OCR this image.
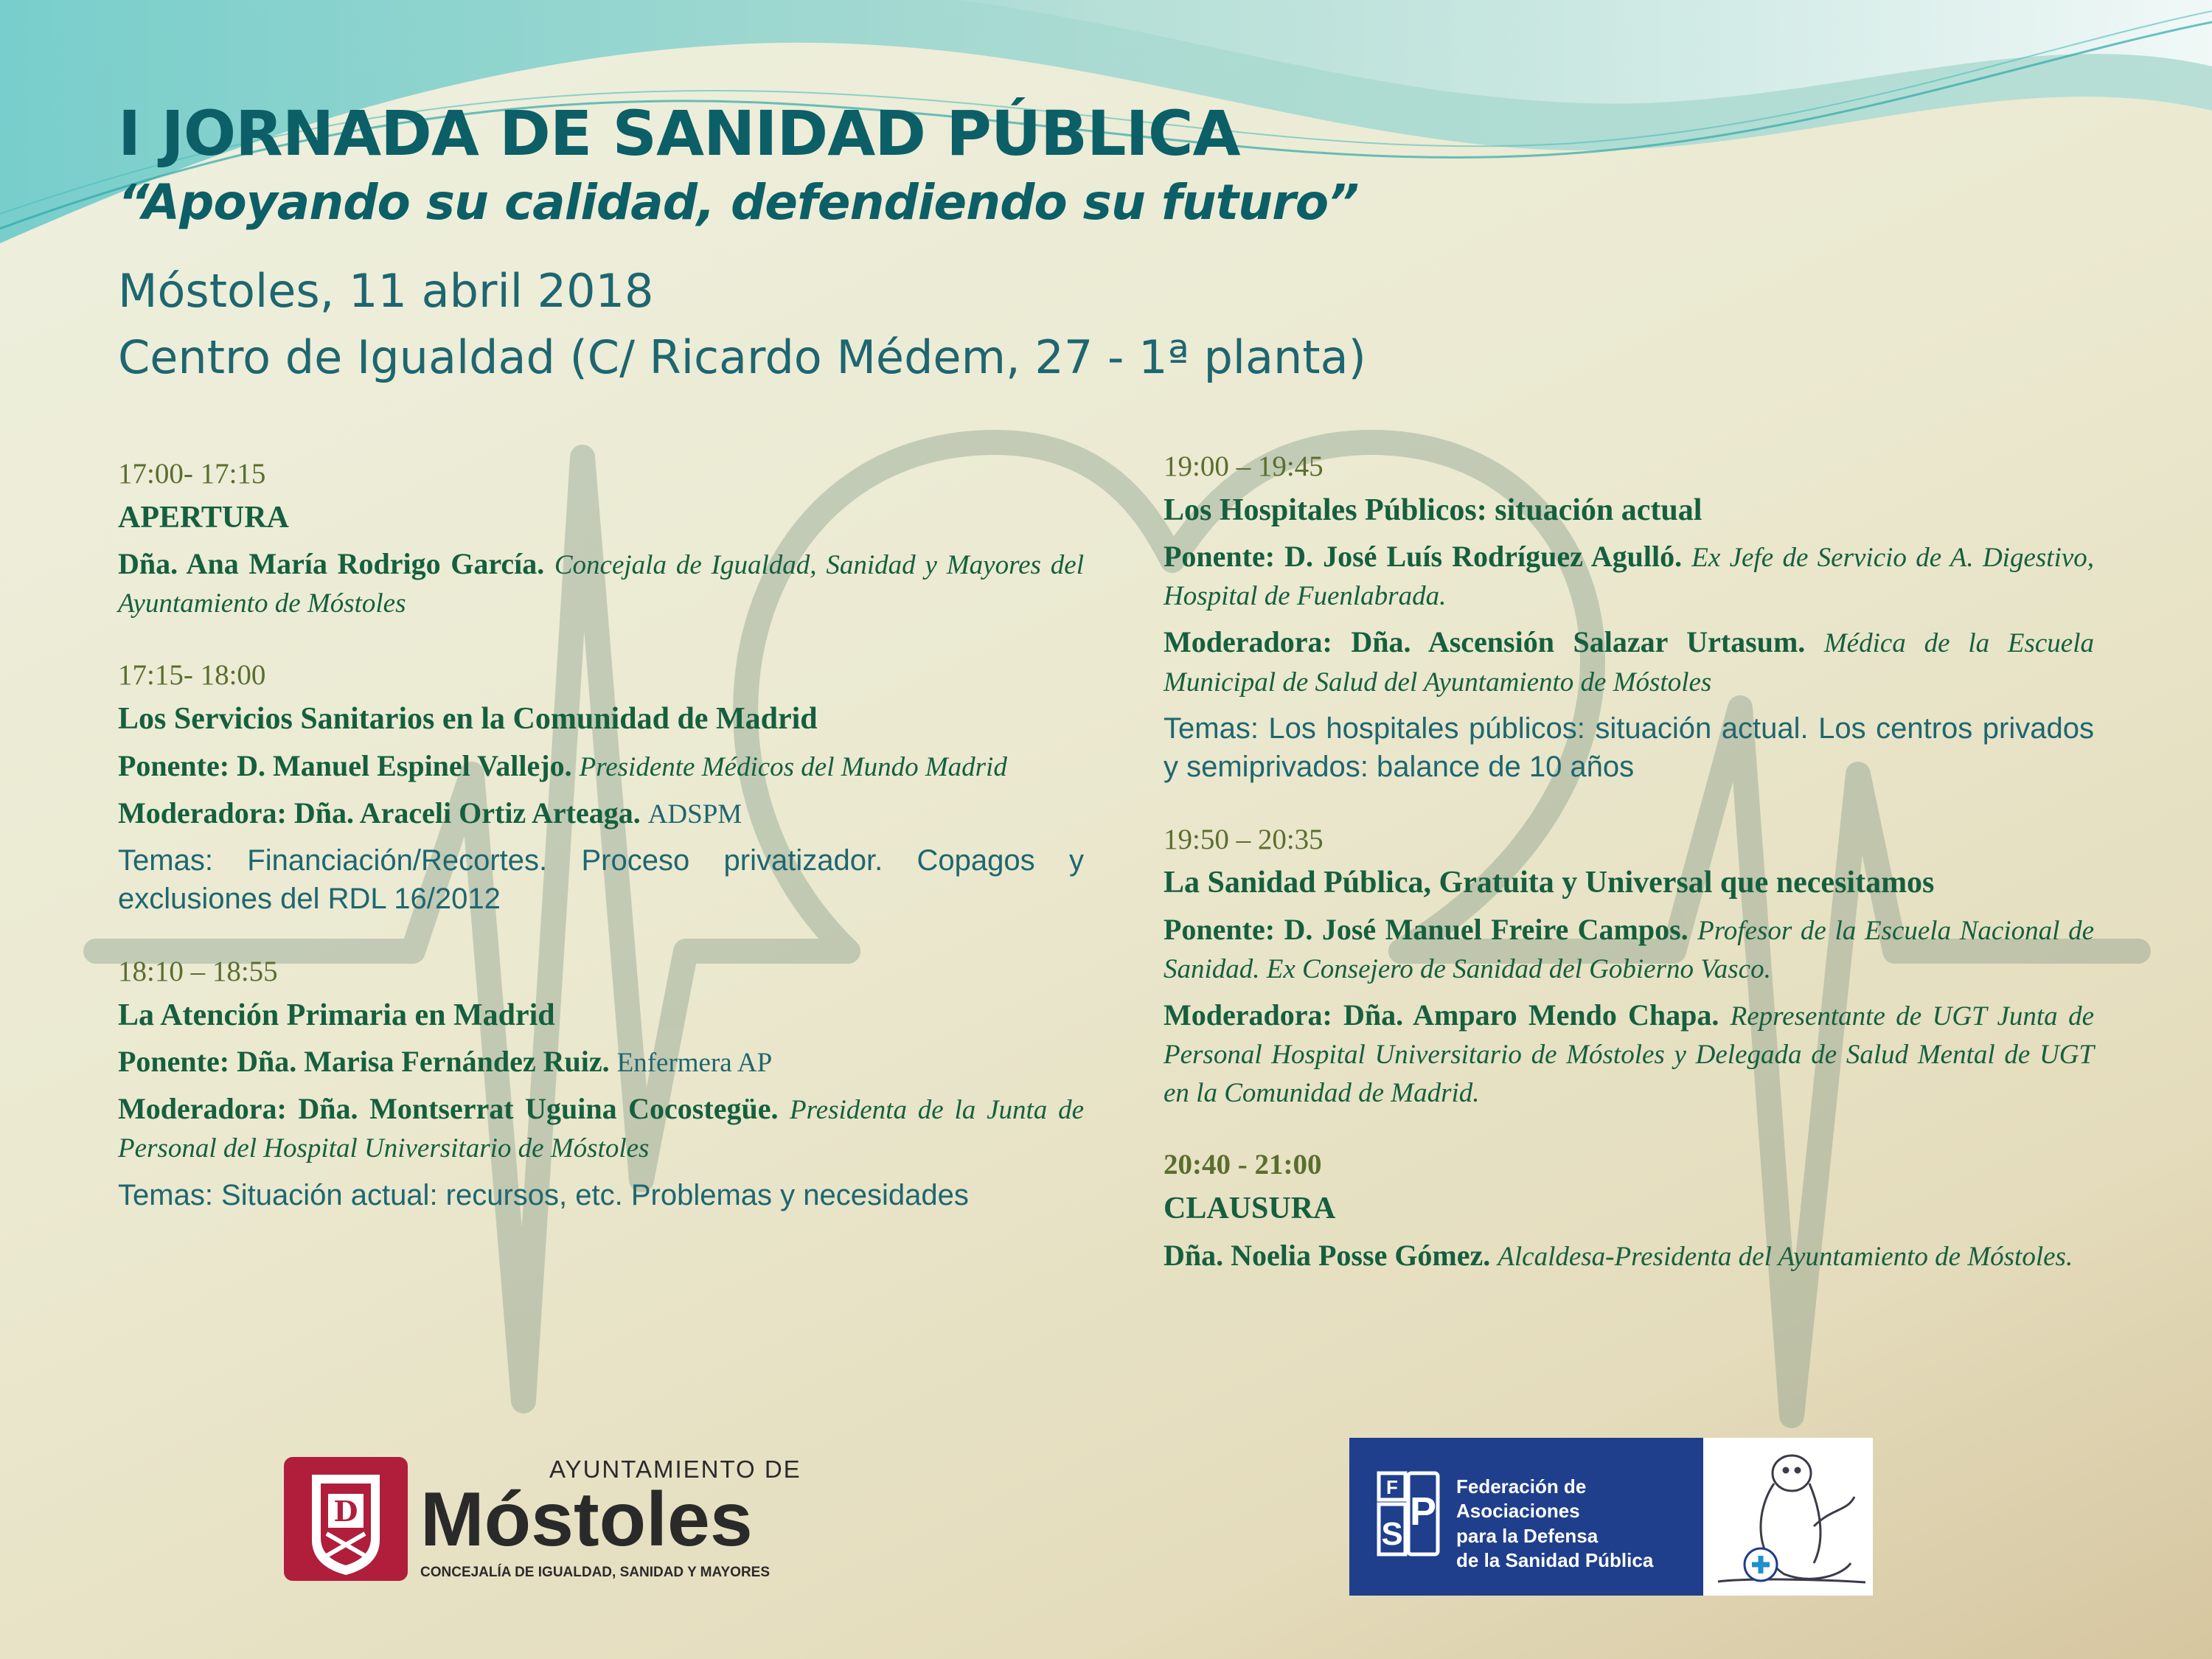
I JORNADA DE SANIDAD PÚBLICA
“Apoyando su calidad, defendiendo su futuro”
Móstoles, 11 abril 2018
Centro de Igualdad (C/ Ricardo Médem, 27 - 1ª planta)
17:00- 17:15
APERTURA
Dña. Ana María Rodrigo García. Concejala de Igualdad, Sanidad y Mayores del Ayuntamiento de Móstoles
17:15- 18:00
Los Servicios Sanitarios en la Comunidad de Madrid
Ponente: D. Manuel Espinel Vallejo. Presidente Médicos del Mundo Madrid
Moderadora: Dña. Araceli Ortiz Arteaga. ADSPM
Temas: Financiación/Recortes. Proceso privatizador. Copagos y exclusiones del RDL 16/2012
18:10 – 18:55
La Atención Primaria en Madrid
Ponente: Dña. Marisa Fernández Ruiz. Enfermera AP
Moderadora: Dña. Montserrat Uguina Cocostegüe. Presidenta de la Junta de Personal del Hospital Universitario de Móstoles
Temas: Situación actual: recursos, etc. Problemas y necesidades
19:00 – 19:45
Los Hospitales Públicos: situación actual
Ponente: D. José Luís Rodríguez Agulló. Ex Jefe de Servicio de A. Digestivo, Hospital de Fuenlabrada.
Moderadora: Dña. Ascensión Salazar Urtasum. Médica de la Escuela Municipal de Salud del Ayuntamiento de Móstoles
Temas: Los hospitales públicos: situación actual. Los centros privados y semiprivados: balance de 10 años
19:50 – 20:35
La Sanidad Pública, Gratuita y Universal que necesitamos
Ponente: D. José Manuel Freire Campos. Profesor de la Escuela Nacional de Sanidad. Ex Consejero de Sanidad del Gobierno Vasco.
Moderadora: Dña. Amparo Mendo Chapa. Representante de UGT Junta de Personal Hospital Universitario de Móstoles y Delegada de Salud Mental de UGT en la Comunidad de Madrid.
20:40 - 21:00
CLAUSURA
Dña. Noelia Posse Gómez. Alcaldesa-Presidenta del Ayuntamiento de Móstoles.
D
AYUNTAMIENTO DE
Móstoles
CONCEJALÍA DE IGUALDAD, SANIDAD Y MAYORES
F
P
S
Federación de Asociaciones
para la Defensa
de la Sanidad Pública
